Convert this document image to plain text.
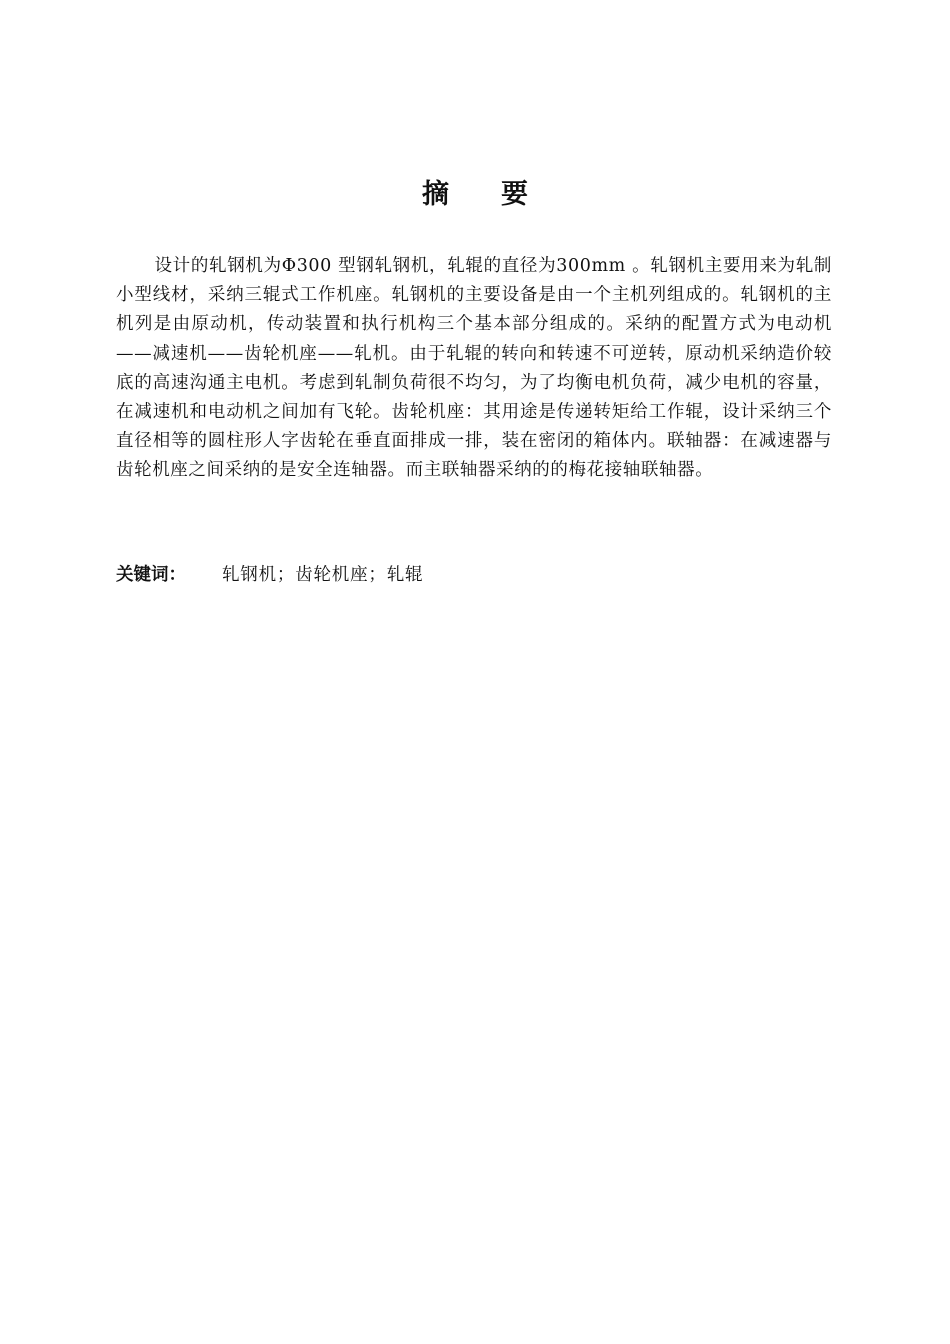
摘 要

设计的轧钢机为Φ300 型钢轧钢机，轧辊的直径为300mm 。轧钢机主要用来为轧制小型线材，采纳三辊式工作机座。轧钢机的主要设备是由一个主机列组成的。轧钢机的主机列是由原动机，传动装置和执行机构三个基本部分组成的。采纳的配置方式为电动机——减速机——齿轮机座——轧机。由于轧辊的转向和转速不可逆转，原动机采纳造价较底的高速沟通主电机。考虑到轧制负荷很不均匀，为了均衡电机负荷，减少电机的容量，在减速机和电动机之间加有飞轮。齿轮机座：其用途是传递转矩给工作辊，设计采纳三个直径相等的圆柱形人字齿轮在垂直面排成一排，装在密闭的箱体内。联轴器：在减速器与齿轮机座之间采纳的是安全连轴器。而主联轴器采纳的的梅花接轴联轴器。

关键词： 轧钢机；齿轮机座；轧辊
